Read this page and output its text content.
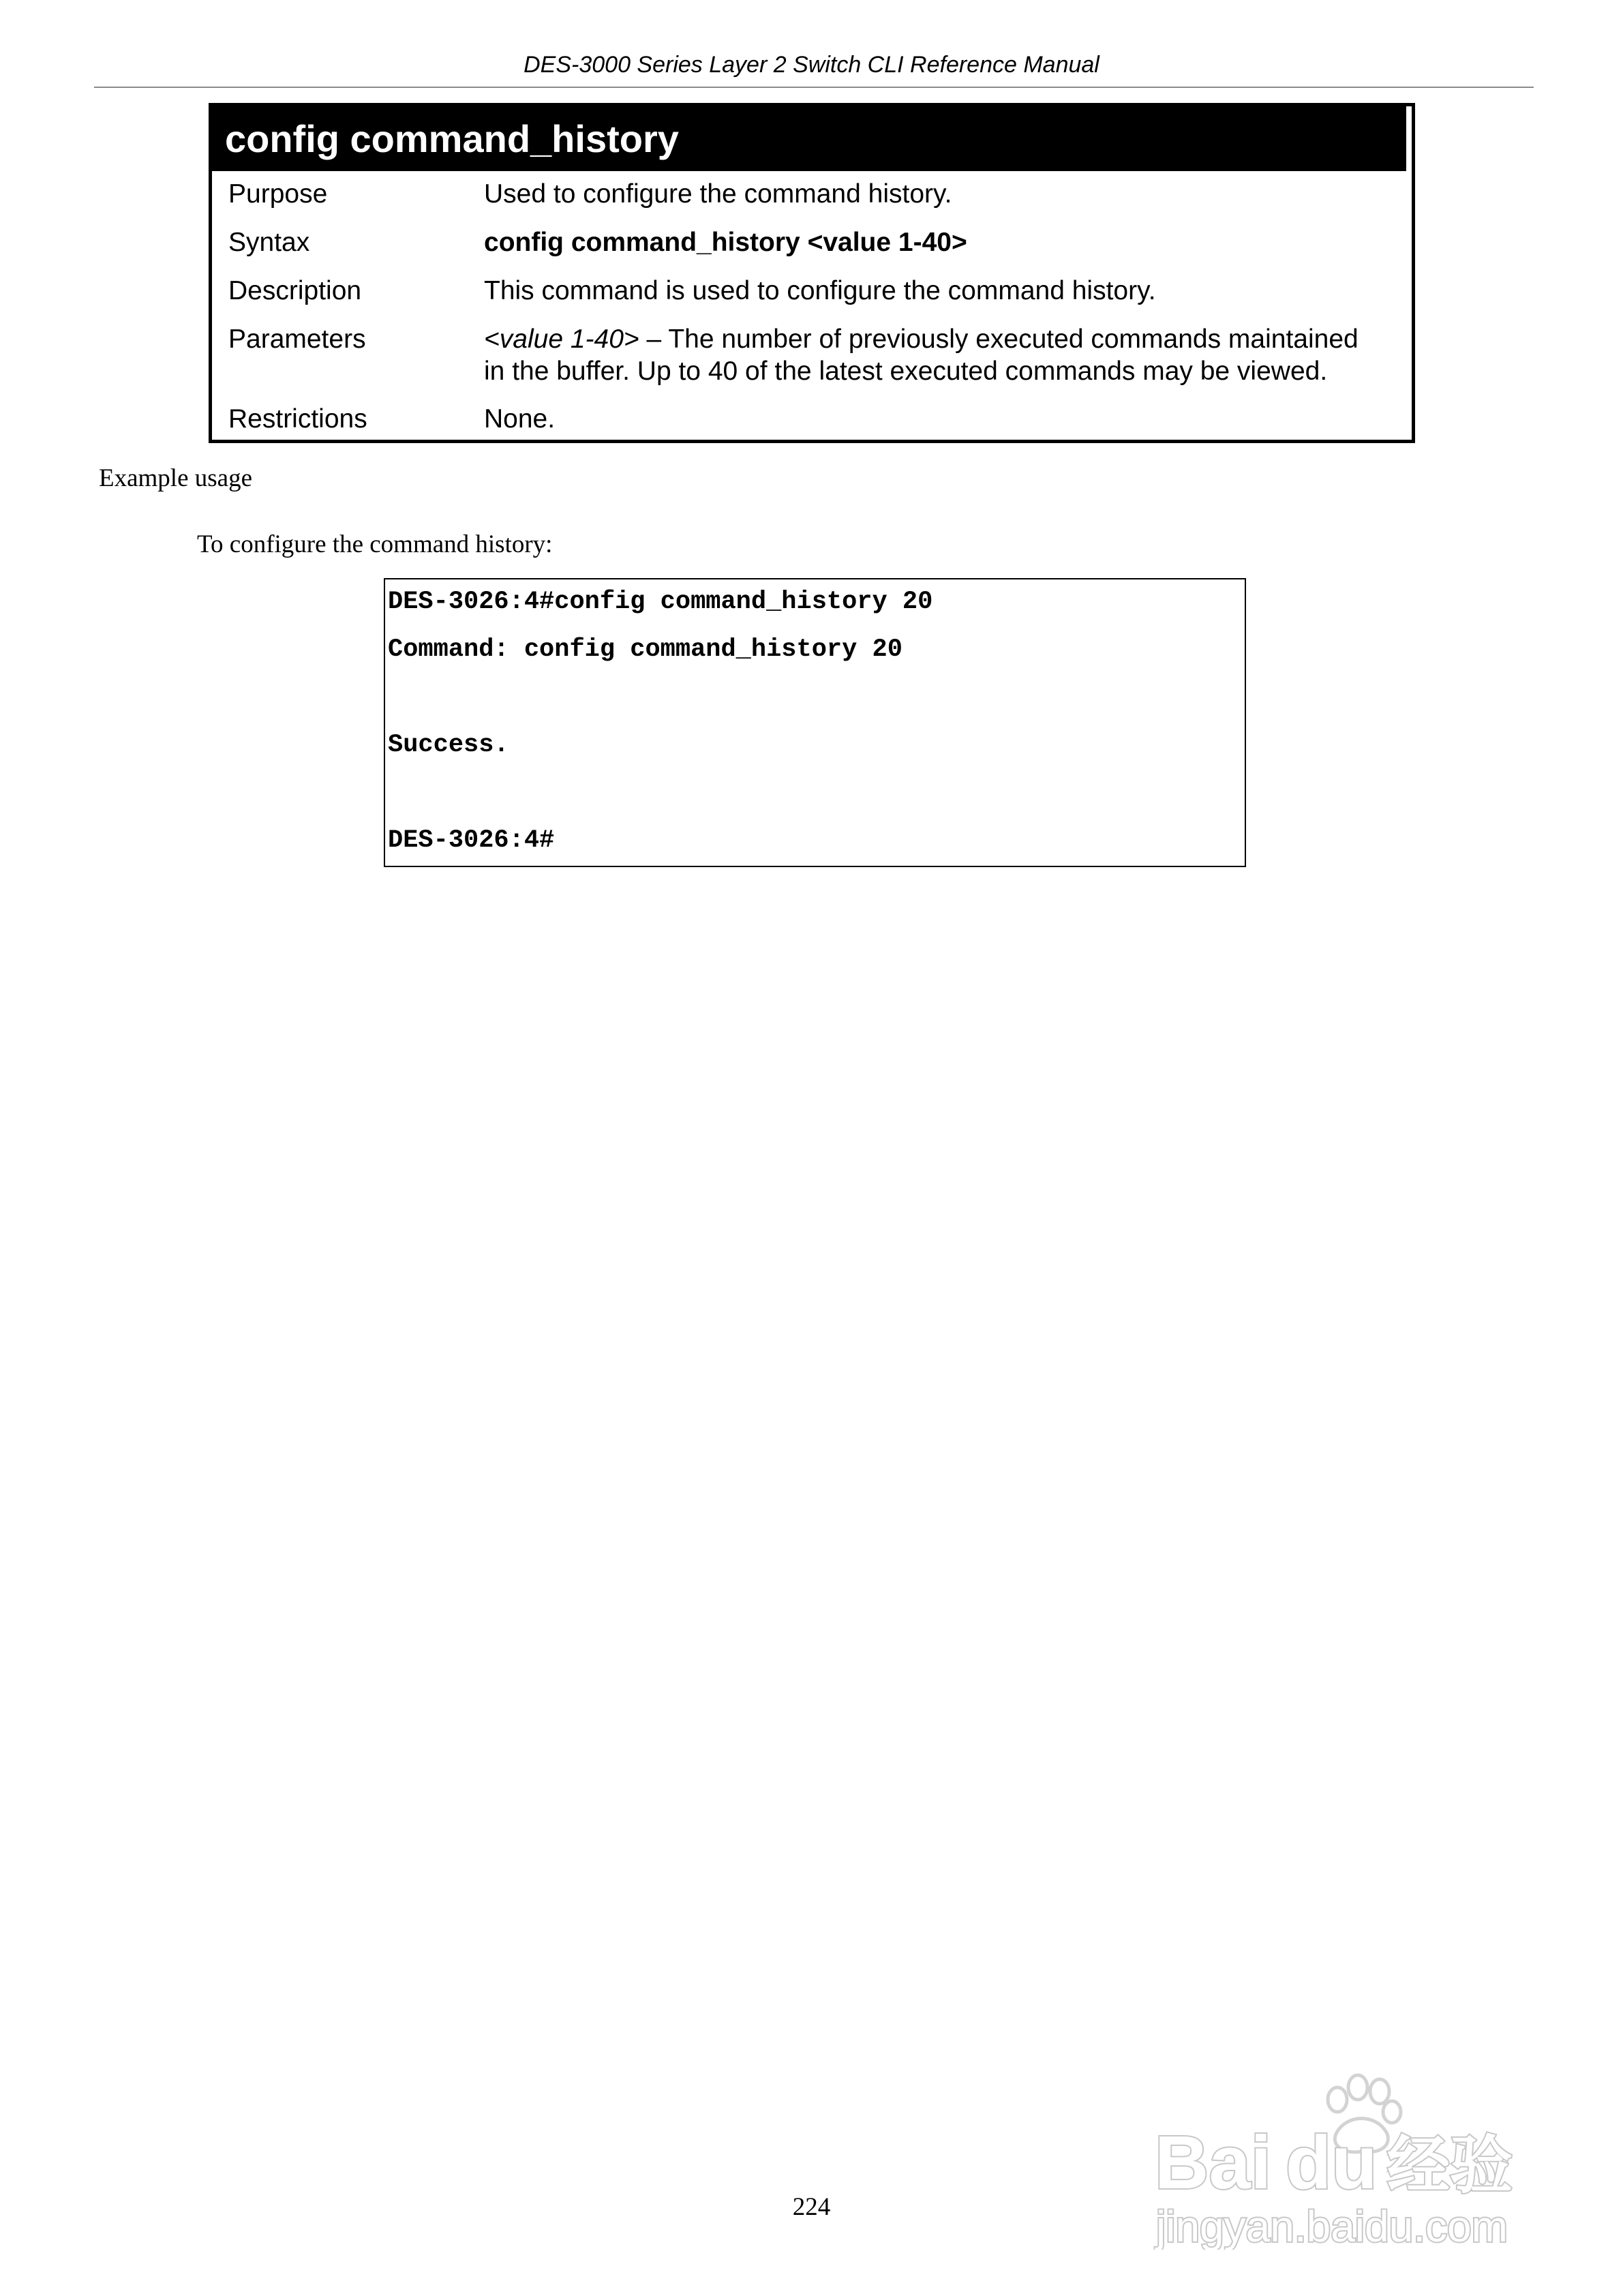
DES-3000 Series Layer 2 Switch CLI Reference Manual
config command_history
Purpose	Used to configure the command history.
Syntax	config command_history <value 1-40>
Description	This command is used to configure the command history.
Parameters	<value 1-40> – The number of previously executed commands maintained
in the buffer. Up to 40 of the latest executed commands may be viewed.
Restrictions	None.
Example usage
To configure the command history:
DES-3026:4#config command_history 20
Command: config command_history 20
Success.
DES-3026:4#
224
Bai du 经验
jingyan.baidu.com
